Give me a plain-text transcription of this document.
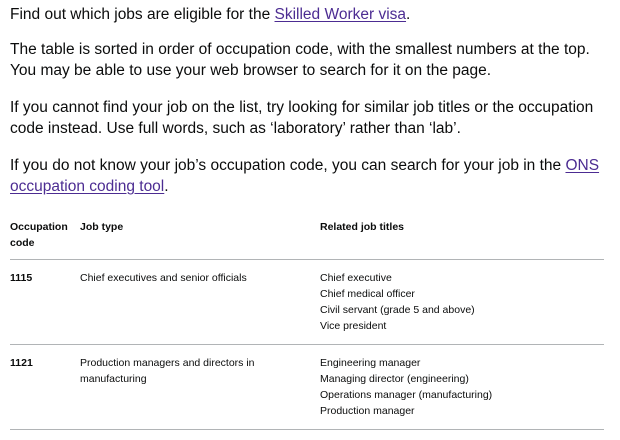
Find out which jobs are eligible for the Skilled Worker visa.

The table is sorted in order of occupation code, with the smallest numbers at the top.
You may be able to use your web browser to search for it on the page.

If you cannot find your job on the list, try looking for similar job titles or the occupation
code instead. Use full words, such as ‘laboratory’ rather than ‘lab’.

If you do not know your job’s occupation code, you can search for your job in the ONS
occupation coding tool.

Occupation
code	Job type	Related job titles
1115	Chief executives and senior officials	Chief executive
Chief medical officer
Civil servant (grade 5 and above)
Vice president

1121	Production managers and directors in manufacturing	Engineering manager
Managing director (engineering)
Operations manager (manufacturing)
Production manager
